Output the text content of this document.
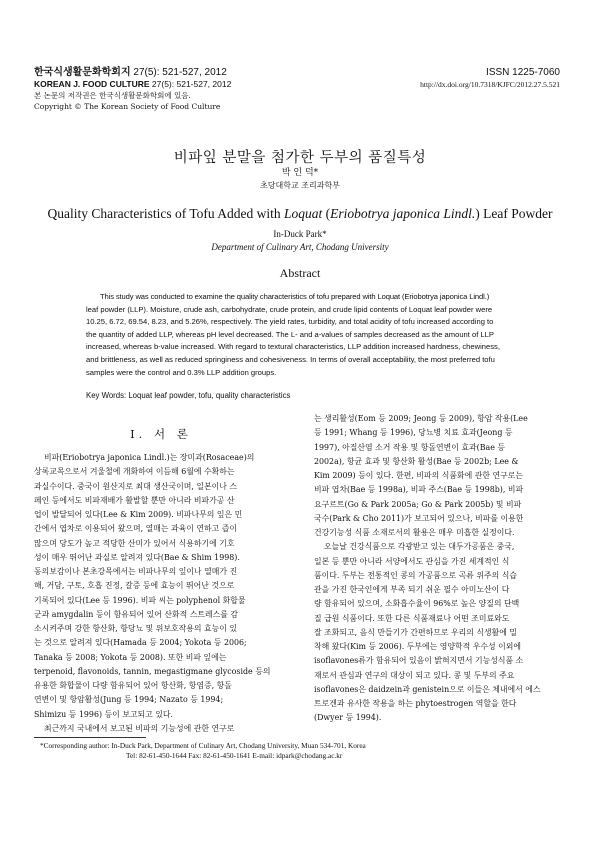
한국식생활문화학회지 27(5): 521-527, 2012
KOREAN J. FOOD CULTURE 27(5): 521-527, 2012
본 논문의 저작권은 한국식생활문화학회에 있음.
Copyright © The Korean Society of Food Culture
ISSN 1225-7060
http://dx.doi.org/10.7318/KJFC/2012.27.5.521
비파잎 분말을 첨가한 두부의 품질특성
박 인 덕*
초당대학교 조리과학부
Quality Characteristics of Tofu Added with Loquat (Eriobotrya japonica Lindl.) Leaf Powder
In-Duck Park*
Department of Culinary Art, Chodang University
Abstract

This study was conducted to examine the quality characteristics of tofu prepared with Loquat (Eriobotrya japonica Lindl.)

leaf powder (LLP). Moisture, crude ash, carbohydrate, crude protein, and crude lipid contents of Loquat leaf powder were
10.25, 6.72, 69.54, 8.23, and 5.26%, respectively. The yield rates, turbidity, and total acidity of tofu increased according to
the quantity of added LLP, whereas pH level decreased. The L- and a-values of samples decreased as the amount of LLP
increased, whereas b-value increased. With regard to textural characteristics, LLP addition increased hardness, chewiness,
and brittleness, as well as reduced springiness and cohesiveness. In terms of overall acceptability, the most preferred tofu
samples were the control and 0.3% LLP addition groups.
Key Words: Loquat leaf powder, tofu, quality characteristics
I. 서 론
비파(Eriobotrya japonica Lindl.)는 장미과(Rosaceae)의
상록교목으로서 겨울철에 개화하여 이듬해 6월에 수확하는
과실수이다. 중국이 원산지로 최대 생산국이며, 일본이나 스
페인 등에서도 비파재배가 활발할 뿐만 아니라 비파가공 산
업이 발달되어 있다(Lee & Kim 2009). 비파나무의 잎은 민
간에서 엽차로 이용되어 왔으며, 열매는 과육이 연하고 즙이
많으며 당도가 높고 적당한 산미가 있어서 식용하기에 기호
성이 매우 뛰어난 과실로 알려져 있다(Bae & Shim 1998).
동의보감이나 본초강목에서는 비파나무의 잎이나 열매가 진
해, 거담, 구토, 호흡 진정, 갈증 등에 효능이 뛰어난 것으로
기록되어 있다(Lee 등 1996). 비파 씨는 polyphenol 화합물
군과 amygdalin 등이 함유되어 있어 산화적 스트레스를 감
소시켜주며 강한 항산화, 항당뇨 및 위보호작용의 효능이 있
는 것으로 알려져 있다(Hamada 등 2004; Yokota 등 2006;
Tanaka 등 2008; Yokota 등 2008). 또한 비파 잎에는
terpenoid, flavonoids, tannin, megastigmane glycoside 등의
유용한 화합물이 다량 함유되어 있어 항산화, 항염증, 항돌
연변이 및 항암활성(Jung 등 1994; Nazato 등 1994;
Shimizu 등 1996) 등이 보고되고 있다.
최근까지 국내에서 보고된 비파의 기능성에 관한 연구로
는 생리활성(Eom 등 2009; Jeong 등 2009), 항암 작용(Lee
등 1991; Whang 등 1996), 당뇨병 치료 효과(Jeong 등
1997), 아질산염 소거 작용 및 항돌연변이 효과(Bae 등
2002a), 항균 효과 및 항산화 활성(Bae 등 2002b; Lee &
Kim 2009) 등이 있다. 한편, 비파의 식품화에 관한 연구로는
비파 엽차(Bae 등 1998a), 비파 주스(Bae 등 1998b), 비파
요구르트(Go & Park 2005a; Go & Park 2005b) 및 비파
국수(Park & Cho 2011)가 보고되어 있으나, 비파를 이용한
건강기능성 식품 소재로서의 활용은 매우 미흡한 실정이다.
오늘날 건강식품으로 각광받고 있는 대두가공품은 중국,
일본 등 뿐만 아니라 서양에서도 관심을 가진 세계적인 식
품이다. 두부는 전통적인 콩의 가공품으로 곡류 위주의 식습
관을 가진 한국인에게 부족 되기 쉬운 필수 아미노산이 다
량 함유되어 있으며, 소화흡수율이 96%로 높은 양질의 단백
질 급원 식품이다. 또한 다른 식품재료나 어떤 조미료와도
잘 조화되고, 음식 만들기가 간편하므로 우리의 식생활에 밀
착해 왔다(Kim 등 2006). 두부에는 영양학적 우수성 이외에
isoflavones류가 함유되어 있음이 밝혀지면서 기능성식품 소
재로서 관심과 연구의 대상이 되고 있다. 콩 및 두부의 주요
isoflavones은 daidzein과 genistein으로 이들은 체내에서 에스
트로겐과 유사한 작용을 하는 phytoestrogen 역할을 한다
(Dwyer 등 1994).
*Corresponding author: In-Duck Park, Department of Culinary Art, Chodang University, Muan 534-701, Korea
Tel: 82-61-450-1644 Fax: 82-61-450-1641 E-mail: idpark@chodang.ac.kr
